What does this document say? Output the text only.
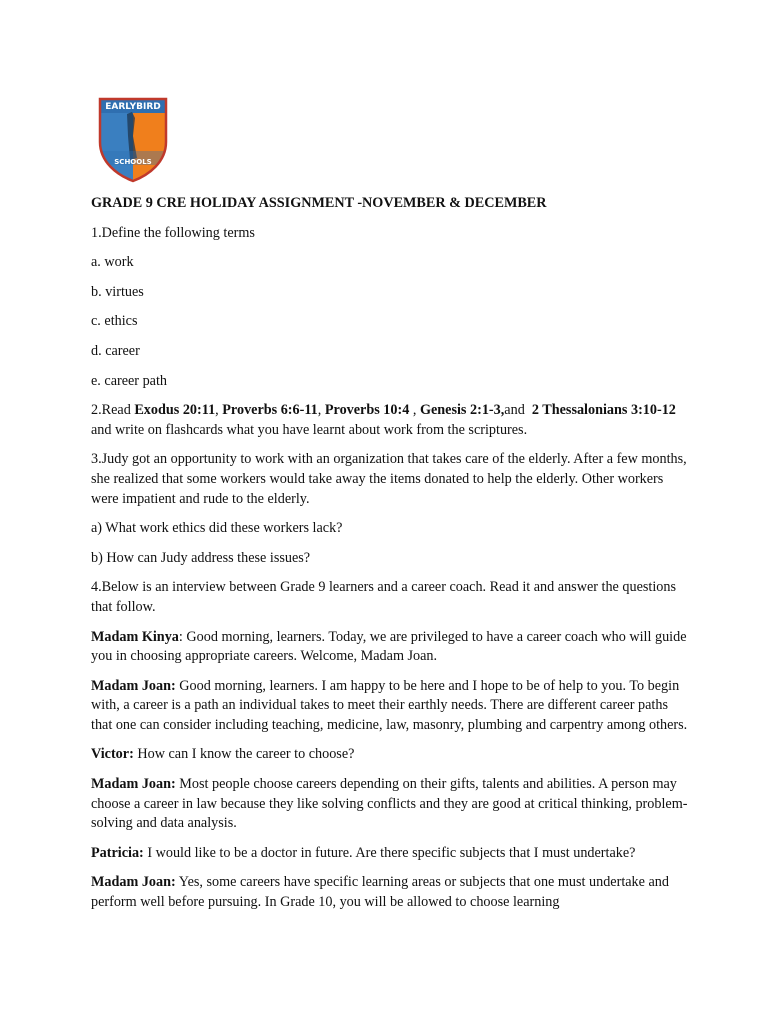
EARLYBIRD
SCHOOLS
GRADE 9 CRE HOLIDAY ASSIGNMENT -NOVEMBER & DECEMBER
1.Define the following terms
a. work
b. virtues
c. ethics
d. career
e. career path
2.Read Exodus 20:11, Proverbs 6:6-11, Proverbs 10:4 , Genesis 2:1-3,and  2 Thessalonians 3:10-12 and write on flashcards what you have learnt about work from the scriptures.
3.Judy got an opportunity to work with an organization that takes care of the elderly. After a few months, she realized that some workers would take away the items donated to help the elderly. Other workers were impatient and rude to the elderly.
a) What work ethics did these workers lack?
b) How can Judy address these issues?
4.Below is an interview between Grade 9 learners and a career coach. Read it and answer the questions that follow.
Madam Kinya: Good morning, learners. Today, we are privileged to have a career coach who will guide you in choosing appropriate careers. Welcome, Madam Joan.
Madam Joan: Good morning, learners. I am happy to be here and I hope to be of help to you. To begin with, a career is a path an individual takes to meet their earthly needs. There are different career paths that one can consider including teaching, medicine, law, masonry, plumbing and carpentry among others.
Victor: How can I know the career to choose?
Madam Joan: Most people choose careers depending on their gifts, talents and abilities. A person may choose a career in law because they like solving conflicts and they are good at critical thinking, problem-solving and data analysis.
Patricia: I would like to be a doctor in future. Are there specific subjects that I must undertake?
Madam Joan: Yes, some careers have specific learning areas or subjects that one must undertake and perform well before pursuing. In Grade 10, you will be allowed to choose learning
